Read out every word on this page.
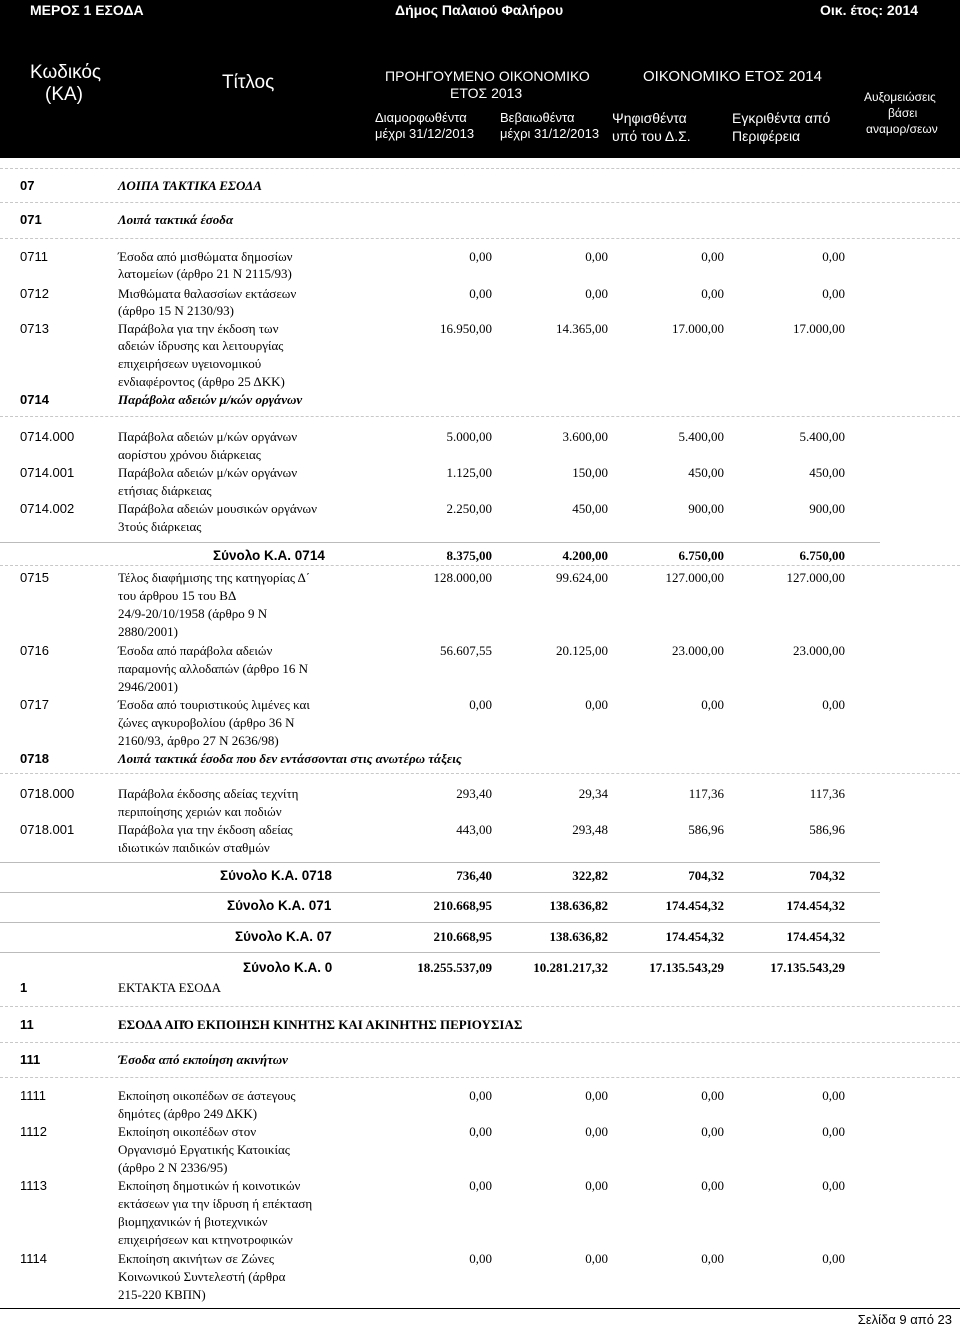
ΜΕΡΟΣ 1 ΕΣΟΔΑ	Δήμος Παλαιού Φαλήρου	Οικ. έτος: 2014
Κωδικός
(ΚΑ)
Τίτλος	ΠΡΟΗΓΟΥΜΕΝΟ ΟΙΚΟΝΟΜΙΚΟ
ΕΤΟΣ 2013
Διαμορφωθέντα
μέχρι 31/12/2013
Βεβαιωθέντα
μέχρι 31/12/2013
ΟΙΚΟΝΟΜΙΚΟ ΕΤΟΣ 2014
Ψηφισθέντα
υπό του Δ.Σ.
Εγκριθέντα από
Περιφέρεια
Αυξομειώσεις
βάσει
αναμορ/σεων
07	ΛΟΙΠΑ ΤΑΚΤΙΚΑ ΕΣΟΔΑ
071	Λοιπά τακτικά έσοδα
0711	Έσοδα από μισθώματα δημοσίων
λατομείων (άρθρο 21 Ν 2115/93)
0,00	0,00	0,00	0,00
0712	Μισθώματα θαλασσίων εκτάσεων
(άρθρο 15 Ν 2130/93)
0,00	0,00	0,00	0,00
0713	Παράβολα για την έκδοση των
αδειών ίδρυσης και λειτουργίας
επιχειρήσεων υγειονομικού
ενδιαφέροντος (άρθρο 25 ΔΚΚ)
16.950,00	14.365,00	17.000,00	17.000,00
0714	Παράβολα αδειών μ/κών οργάνων
0714.000	Παράβολα αδειών μ/κών οργάνων
αορίστου χρόνου διάρκειας
5.000,00	3.600,00	5.400,00	5.400,00
0714.001	Παράβολα αδειών μ/κών οργάνων
ετήσιας διάρκειας
1.125,00	150,00	450,00	450,00
0714.002	Παράβολα αδειών μουσικών οργάνων
3τούς διάρκειας
2.250,00	450,00	900,00	900,00
Σύνολο Κ.Α. 0714	8.375,00	4.200,00	6.750,00	6.750,00
0715	Τέλος διαφήμισης της κατηγορίας Δ΄
του άρθρου 15 του ΒΔ
24/9-20/10/1958 (άρθρο 9 Ν
2880/2001)
128.000,00	99.624,00	127.000,00	127.000,00
0716	Έσοδα από παράβολα αδειών
παραμονής αλλοδαπών (άρθρο 16 Ν
2946/2001)
56.607,55	20.125,00	23.000,00	23.000,00
0717	Έσοδα από τουριστικούς λιμένες και
ζώνες αγκυροβολίου (άρθρο 36 Ν
2160/93, άρθρο 27 Ν 2636/98)
0,00	0,00	0,00	0,00
0718	Λοιπά τακτικά έσοδα που δεν εντάσσονται στις ανωτέρω τάξεις
0718.000	Παράβολα έκδοσης αδείας τεχνίτη
περιποίησης χεριών και ποδιών
293,40	29,34	117,36	117,36
0718.001	Παράβολα για την έκδοση αδείας
ιδιωτικών παιδικών σταθμών
443,00	293,48	586,96	586,96
Σύνολο Κ.Α. 0718	736,40	322,82	704,32	704,32
Σύνολο Κ.Α. 071	210.668,95	138.636,82	174.454,32	174.454,32
Σύνολο Κ.Α. 07	210.668,95	138.636,82	174.454,32	174.454,32
Σύνολο Κ.Α. 0	18.255.537,09	10.281.217,32	17.135.543,29	17.135.543,29
1	ΕΚΤΑΚΤΑ ΕΣΟΔΑ
11	ΕΣΟΔΑ ΑΠΌ ΕΚΠΟΙΗΣΗ ΚΙΝΗΤΗΣ ΚΑΙ ΑΚΙΝΗΤΗΣ ΠΕΡΙΟΥΣΙΑΣ
111	Έσοδα από εκποίηση ακινήτων
1111	Εκποίηση οικοπέδων σε άστεγους
δημότες (άρθρο 249 ΔΚΚ)
0,00	0,00	0,00	0,00
1112	Εκποίηση οικοπέδων στον
Οργανισμό Εργατικής Κατοικίας
(άρθρο 2 Ν 2336/95)
0,00	0,00	0,00	0,00
1113	Εκποίηση δημοτικών ή κοινοτικών
εκτάσεων για την ίδρυση ή επέκταση
βιομηχανικών ή βιοτεχνικών
επιχειρήσεων και κτηνοτροφικών
0,00	0,00	0,00	0,00
1114	Εκποίηση ακινήτων σε Ζώνες
Κοινωνικού Συντελεστή (άρθρα
215-220 ΚΒΠΝ)
0,00	0,00	0,00	0,00
Σελίδα 9 από 23
